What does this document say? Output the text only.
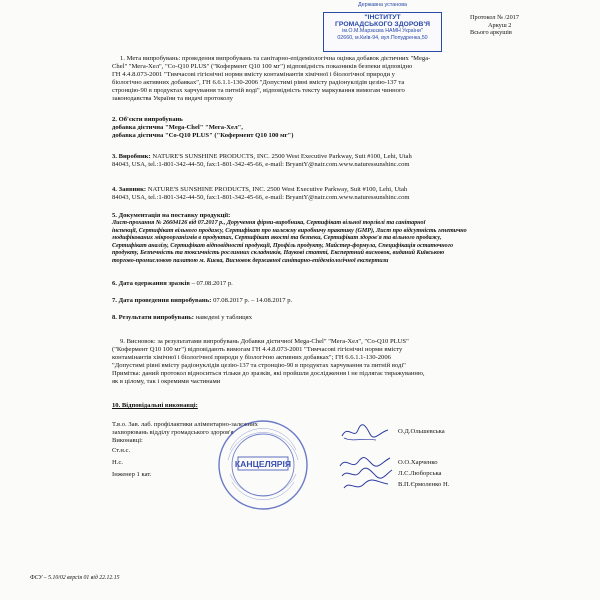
Державна установа
"ІНСТИТУТ
ГРОМАДСЬКОГО ЗДОРОВ'Я
ім.О.М.Марзєєва НАМН України"
02660, м.Київ-94, вул.Попудренка,50
Протокол № /2017
Аркуш 2
Всього аркушів
1. Мета випробувань: проведення випробувань та санітарно-епідеміологічна оцінка добавок дієтичних "Mega-
Chel" "Мега-Хел", "Co-Q10 PLUS" ("Кофермент Q10 100 мг") відповідність показників безпеки відповідно
ГН 4.4.8.073-2001 "Тимчасові гігієнічні норми вмісту контамінантів хімічної і біологічної природи у
біологічно активних добавках", ГН 6.6.1.1-130-2006 "Допустимі рівні вмісту радіонуклідів цезію-137 та
стронцію-90 в продуктах харчування та питній воді", відповідність тексту маркування вимогам чинного
законодавства України та видачі протоколу
2. Об'єкти випробувань
добавка дієтична "Mega-Chel" "Мега-Хел",
добавка дієтична "Co-Q10 PLUS" ("Кофермент Q10 100 мг")
3. Виробник: NATURE'S SUNSHINE PRODUCTS, INC. 2500 West Executive Parkway, Suit #100, Lehi, Utah
84043, USA, tel.:1-801-342-44-50, fax:1-801-342-45-66, e-mail: BryantY@natr.com.www.naturessunshinc.com
4. Заявник: NATURE'S SUNSHINE PRODUCTS, INC. 2500 West Executive Parkway, Suit #100, Lehi, Utah
84043, USA, tel.:1-801-342-44-50, fax:1-801-342-45-66, e-mail: BryantY@natr.com.www.naturessunshinc.com
5. Документація на поставку продукції:
Лист-прохання № 26604126 від 07.2017 р., Доручення фірми-виробника, Сертифікат вільної торгівлі та санітарної
інспекції, Сертифікат вільного продажу, Сертифікат про належну виробничу практику (GMP), Лист про відсутність генетично
модифікованих мікроорганізмів в продуктах, Сертифікат якості та безпеки, Сертифікат здоров'я та вільного продажу,
Сертифікат аналізу, Сертифікат відповідності продукції, Профіль продукту, Майстер-формула, Специфікація остаточного
продукту, Безпечність та токсичність рослинних складників, Наукові статті, Експертний висновок, виданий Київською
торгово-промисловою палатою м. Києва, Висновок державної санітарно-епідеміологічної експертизи
6. Дата одержання зразків – 07.08.2017 р.
7. Дата проведення випробувань: 07.08.2017 р. – 14.08.2017 р.
8. Результати випробувань: наведені у таблицях
9. Висновок: за результатами випробувань Добавки дієтичної Mega-Chel" "Мега-Хел", "Co-Q10 PLUS"
("Кофермент Q10 100 мг") відповідають вимогам ГН 4.4.8.073-2001 "Тимчасові гігієнічні норми вмісту
контамінантів хімічної і біологічної природи у біологічно активних добавках"; ГН 6.6.1.1-130-2006
"Допустимі рівні вмісту радіонуклідів цезію-137 та стронцію-90 в продуктах харчування та питній воді"
Примітка: даний протокол відноситься тільки до зразків, які пройшли дослідження і не підлягає тиражуванню,
як в цілому, так і окремими частинами
10. Відповідальні виконавці:
Т.в.о. Зав. лаб. профілактики аліментарно-залежних
захворювань відділу громадського здоров'я
Виконавці:
Ст.н.с.
Н.с.
Інженер 1 кат.
КАНЦЕЛЯРІЯ
О.Д.Ольшевська
О.О.Харченко
Л.С.Люборська
В.П.Єрмоленко Н.
ФСУ – 5.10/02 версія 01 від 22.12.15
